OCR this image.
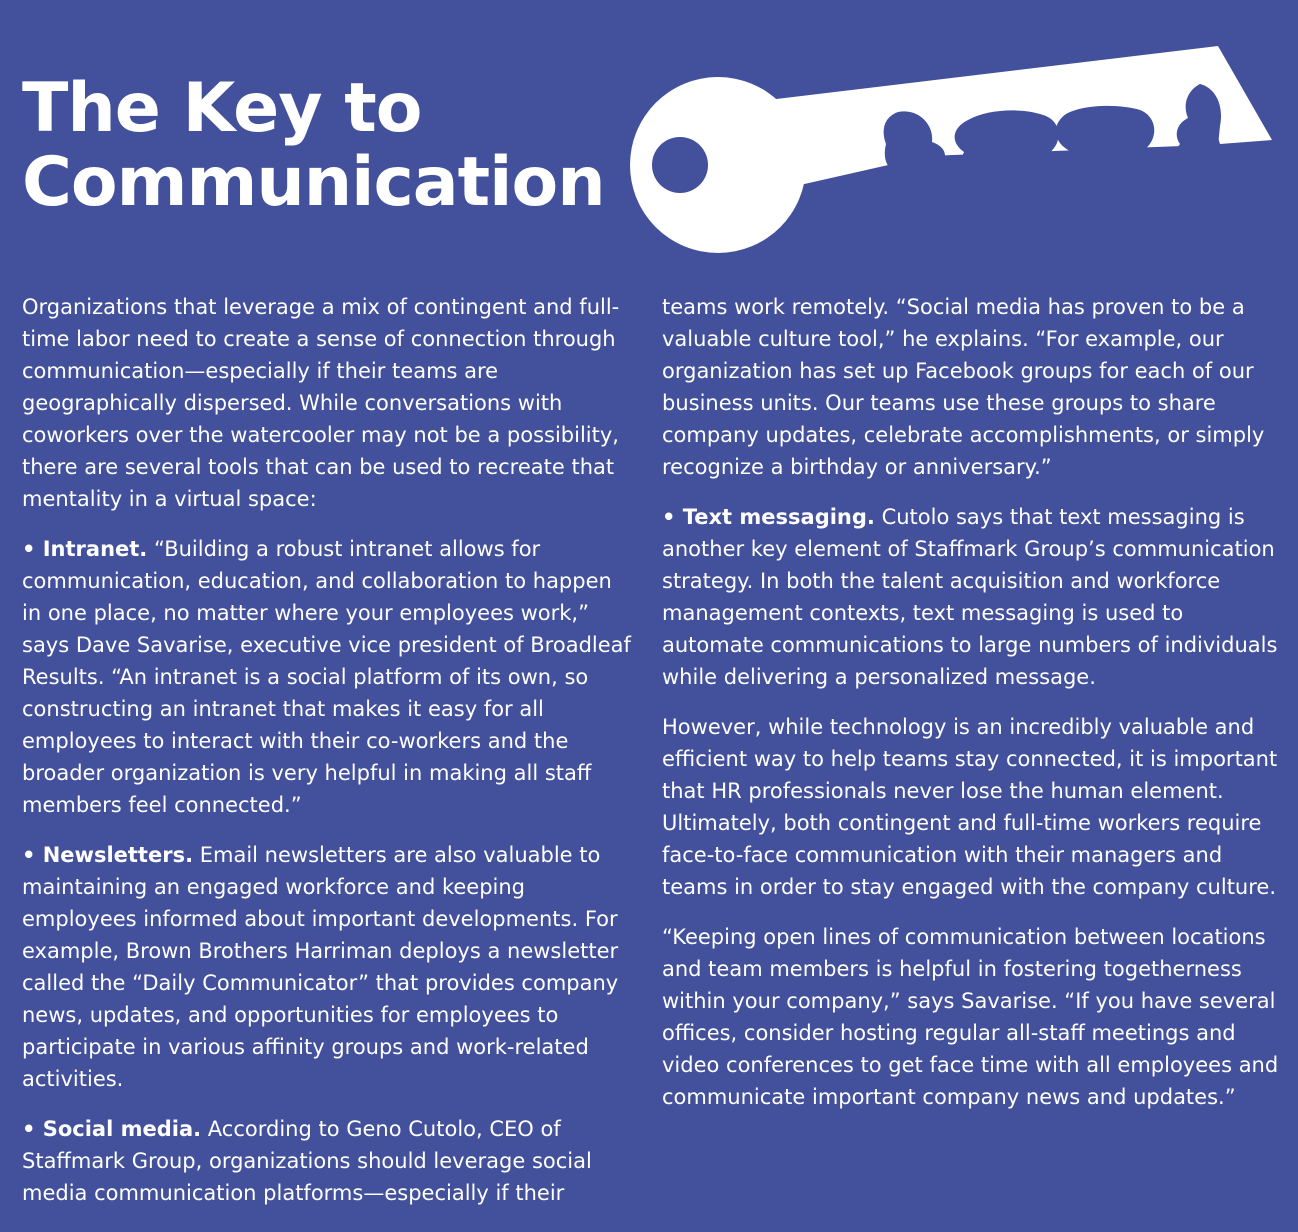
The Key to
Communication

Organizations that leverage a mix of contingent and full-time labor need to create a sense of connection through communication—especially if their teams are geographically dispersed. While conversations with coworkers over the watercooler may not be a possibility, there are several tools that can be used to recreate that mentality in a virtual space:

• Intranet. “Building a robust intranet allows for communication, education, and collaboration to happen in one place, no matter where your employees work,” says Dave Savarise, executive vice president of Broadleaf Results. “An intranet is a social platform of its own, so constructing an intranet that makes it easy for all employees to interact with their co-workers and the broader organization is very helpful in making all staff members feel connected.”

• Newsletters. Email newsletters are also valuable to maintaining an engaged workforce and keeping employees informed about important developments. For example, Brown Brothers Harriman deploys a newsletter called the “Daily Communicator” that provides company news, updates, and opportunities for employees to participate in various affinity groups and work-related activities.

• Social media. According to Geno Cutolo, CEO of Staffmark Group, organizations should leverage social media communication platforms—especially if their

teams work remotely. “Social media has proven to be a valuable culture tool,” he explains. “For example, our organization has set up Facebook groups for each of our business units. Our teams use these groups to share company updates, celebrate accomplishments, or simply recognize a birthday or anniversary.”

• Text messaging. Cutolo says that text messaging is another key element of Staffmark Group’s communication strategy. In both the talent acquisition and workforce management contexts, text messaging is used to automate communications to large numbers of individuals while delivering a personalized message.

However, while technology is an incredibly valuable and efficient way to help teams stay connected, it is important that HR professionals never lose the human element. Ultimately, both contingent and full-time workers require face-to-face communication with their managers and teams in order to stay engaged with the company culture.

“Keeping open lines of communication between locations and team members is helpful in fostering togetherness within your company,” says Savarise. “If you have several offices, consider hosting regular all-staff meetings and video conferences to get face time with all employees and communicate important company news and updates.”
